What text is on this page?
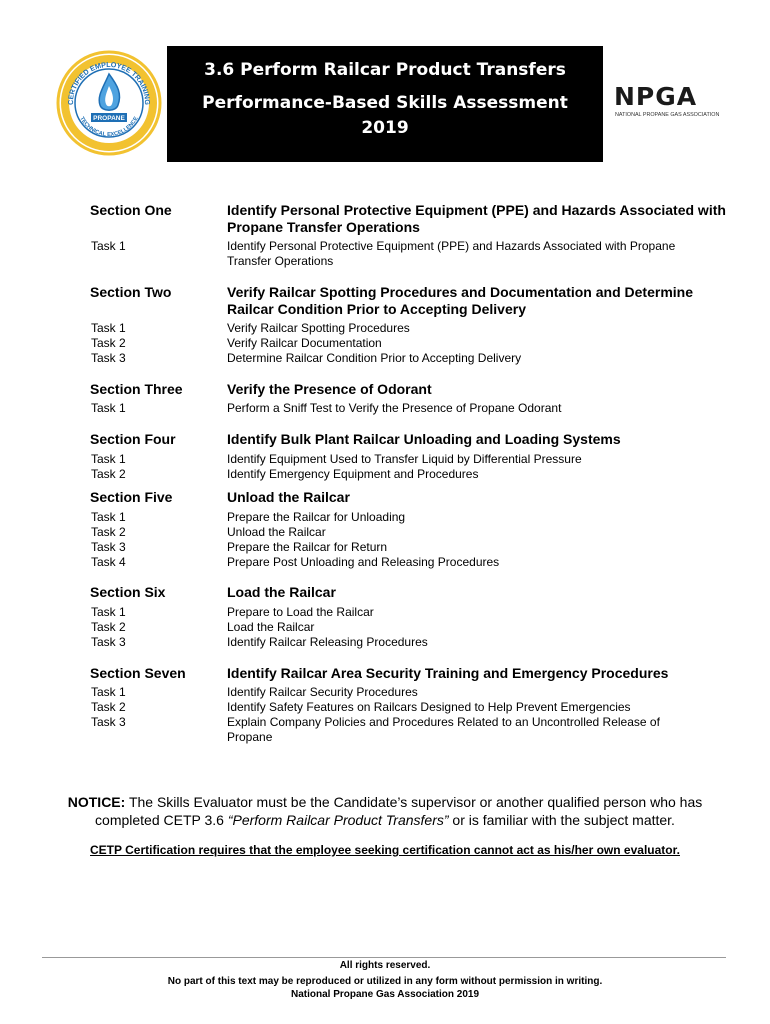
CERTIFIED EMPLOYEE TRAINING
TECHNICAL EXCELLENCE
PROPANE
3.6 Perform Railcar Product Transfers
Performance-Based Skills Assessment
2019
NPGA
NATIONAL PROPANE GAS ASSOCIATION
Section One	Identify Personal Protective Equipment (PPE) and Hazards Associated with Propane Transfer Operations
Task 1	Identify Personal Protective Equipment (PPE) and Hazards Associated with Propane Transfer Operations
Section Two	Verify Railcar Spotting Procedures and Documentation and Determine Railcar Condition Prior to Accepting Delivery
Task 1	Verify Railcar Spotting Procedures
Task 2	Verify Railcar Documentation
Task 3	Determine Railcar Condition Prior to Accepting Delivery
Section Three	Verify the Presence of Odorant
Task 1	Perform a Sniff Test to Verify the Presence of Propane Odorant
Section Four	Identify Bulk Plant Railcar Unloading and Loading Systems
Task 1	Identify Equipment Used to Transfer Liquid by Differential Pressure
Task 2	Identify Emergency Equipment and Procedures
Section Five	Unload the Railcar
Task 1	Prepare the Railcar for Unloading
Task 2	Unload the Railcar
Task 3	Prepare the Railcar for Return
Task 4	Prepare Post Unloading and Releasing Procedures
Section Six	Load the Railcar
Task 1	Prepare to Load the Railcar
Task 2	Load the Railcar
Task 3	Identify Railcar Releasing Procedures
Section Seven	Identify Railcar Area Security Training and Emergency Procedures
Task 1	Identify Railcar Security Procedures
Task 2	Identify Safety Features on Railcars Designed to Help Prevent Emergencies
Task 3	Explain Company Policies and Procedures Related to an Uncontrolled Release of Propane
NOTICE: The Skills Evaluator must be the Candidate’s supervisor or another qualified person who has completed CETP 3.6 “Perform Railcar Product Transfers” or is familiar with the subject matter.
CETP Certification requires that the employee seeking certification cannot act as his/her own evaluator.
All rights reserved.
No part of this text may be reproduced or utilized in any form without permission in writing.
National Propane Gas Association 2019
